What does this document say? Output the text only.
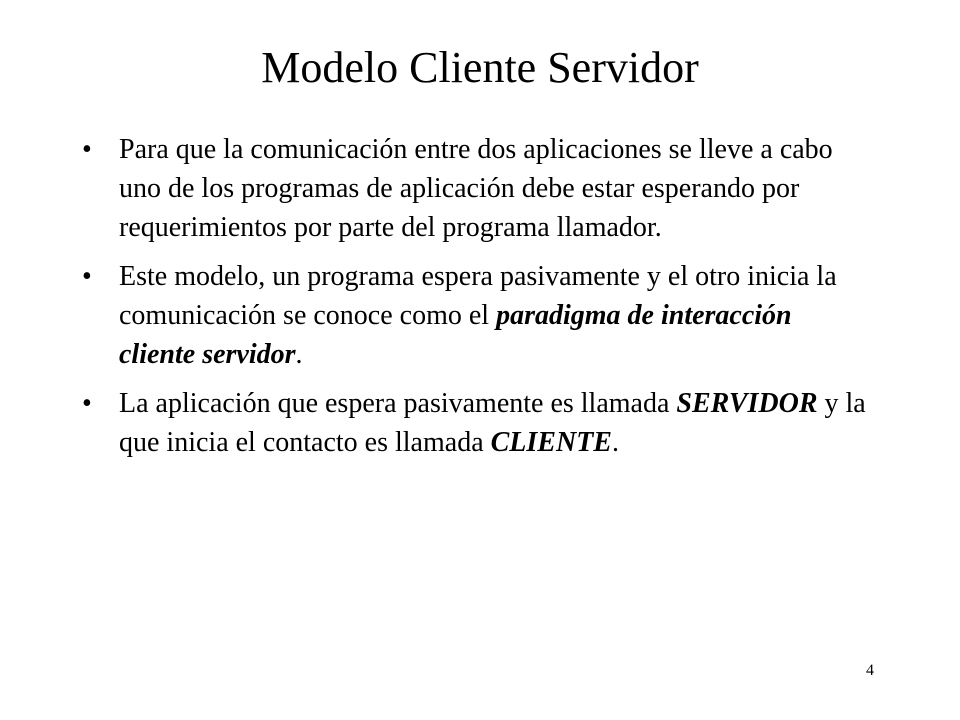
Modelo Cliente Servidor
• Para que la comunicación entre dos aplicaciones se lleve a cabo uno de los programas de aplicación debe estar esperando por requerimientos por parte del programa llamador.
• Este modelo, un programa espera pasivamente y el otro inicia la comunicación se conoce como el paradigma de interacción cliente servidor.
• La aplicación que espera pasivamente es llamada SERVIDOR y la que inicia el contacto es llamada CLIENTE.
4
